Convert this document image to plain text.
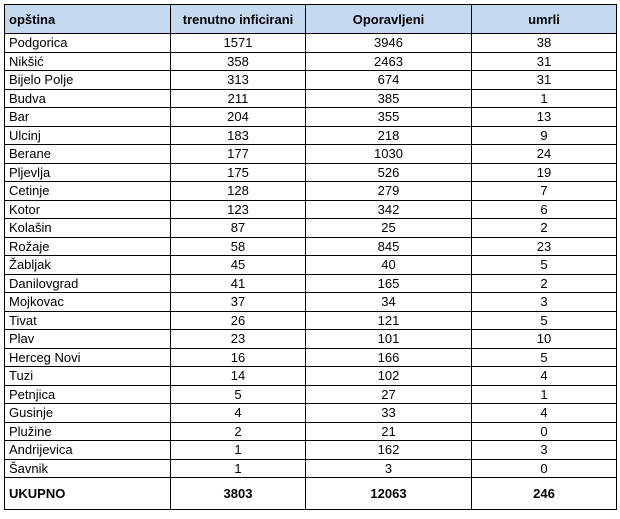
opština	trenutno inficirani	Oporavljeni	umrli
Podgorica	1571	3946	38
Nikšić	358	2463	31
Bijelo Polje	313	674	31
Budva	211	385	1
Bar	204	355	13
Ulcinj	183	218	9
Berane	177	1030	24
Pljevlja	175	526	19
Cetinje	128	279	7
Kotor	123	342	6
Kolašin	87	25	2
Rožaje	58	845	23
Žabljak	45	40	5
Danilovgrad	41	165	2
Mojkovac	37	34	3
Tivat	26	121	5
Plav	23	101	10
Herceg Novi	16	166	5
Tuzi	14	102	4
Petnjica	5	27	1
Gusinje	4	33	4
Plužine	2	21	0
Andrijevica	1	162	3
Šavnik	1	3	0
UKUPNO	3803	12063	246
